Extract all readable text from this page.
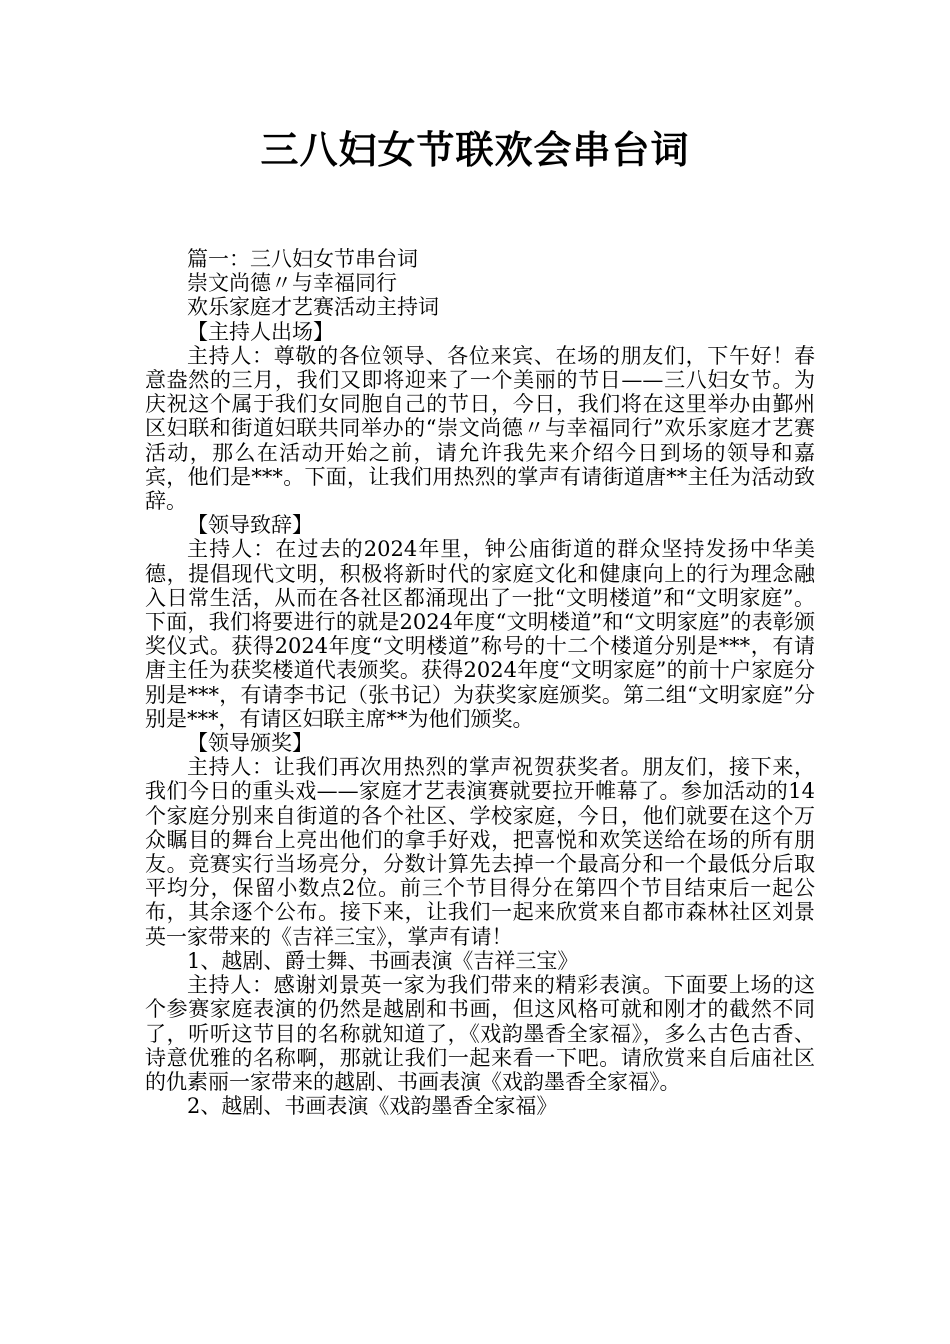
三八妇女节联欢会串台词

篇一：三八妇女节串台词

崇文尚德〃与幸福同行

欢乐家庭才艺赛活动主持词

【主持人出场】

主持人：尊敬的各位领导、各位来宾、在场的朋友们，下午好！春意盎然的三月，我们又即将迎来了一个美丽的节日——三八妇女节。为庆祝这个属于我们女同胞自己的节日，今日，我们将在这里举办由鄞州区妇联和街道妇联共同举办的“崇文尚德〃与幸福同行”欢乐家庭才艺赛活动，那么在活动开始之前，请允许我先来介绍今日到场的领导和嘉宾，他们是***。下面，让我们用热烈的掌声有请街道唐**主任为活动致辞。

【领导致辞】

主持人：在过去的2024年里，钟公庙街道的群众坚持发扬中华美德，提倡现代文明，积极将新时代的家庭文化和健康向上的行为理念融入日常生活，从而在各社区都涌现出了一批“文明楼道”和“文明家庭”。下面，我们将要进行的就是2024年度“文明楼道”和“文明家庭”的表彰颁奖仪式。获得2024年度“文明楼道”称号的十二个楼道分别是***，有请唐主任为获奖楼道代表颁奖。获得2024年度“文明家庭”的前十户家庭分别是***，有请李书记（张书记）为获奖家庭颁奖。第二组“文明家庭”分别是***，有请区妇联主席**为他们颁奖。

【领导颁奖】

主持人：让我们再次用热烈的掌声祝贺获奖者。朋友们，接下来，我们今日的重头戏——家庭才艺表演赛就要拉开帷幕了。参加活动的14个家庭分别来自街道的各个社区、学校家庭，今日，他们就要在这个万众瞩目的舞台上亮出他们的拿手好戏，把喜悦和欢笑送给在场的所有朋友。竞赛实行当场亮分，分数计算先去掉一个最高分和一个最低分后取平均分，保留小数点2位。前三个节目得分在第四个节目结束后一起公布，其余逐个公布。接下来，让我们一起来欣赏来自都市森林社区刘景英一家带来的《吉祥三宝》，掌声有请！

1、越剧、爵士舞、书画表演《吉祥三宝》

主持人：感谢刘景英一家为我们带来的精彩表演。下面要上场的这个参赛家庭表演的仍然是越剧和书画，但这风格可就和刚才的截然不同了，听听这节目的名称就知道了，《戏韵墨香全家福》，多么古色古香、诗意优雅的名称啊，那就让我们一起来看一下吧。请欣赏来自后庙社区的仇素丽一家带来的越剧、书画表演《戏韵墨香全家福》。

2、越剧、书画表演《戏韵墨香全家福》
